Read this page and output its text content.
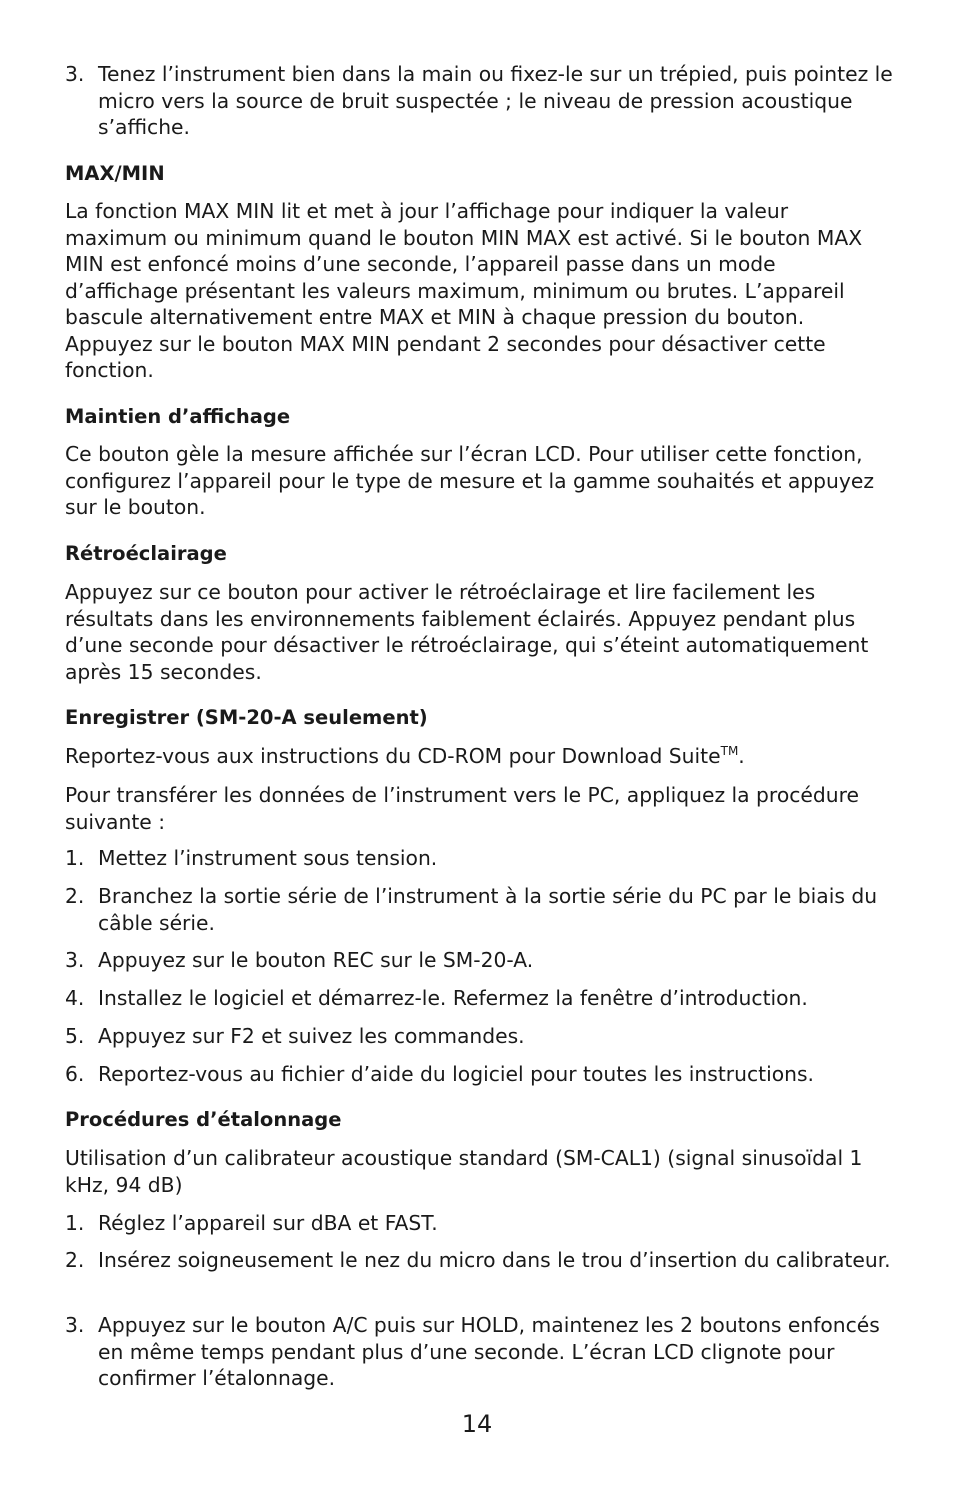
3. Tenez l’instrument bien dans la main ou fixez-le sur un trépied, puis pointez le micro vers la source de bruit suspectée ; le niveau de pression acoustique s’affiche.
MAX/MIN
La fonction MAX MIN lit et met à jour l’affichage pour indiquer la valeur maximum ou minimum quand le bouton MIN MAX est activé. Si le bouton MAX MIN est enfoncé moins d’une seconde, l’appareil passe dans un mode d’affichage présentant les valeurs maximum, minimum ou brutes. L’appareil bascule alternativement entre MAX et MIN à chaque pression du bouton. Appuyez sur le bouton MAX MIN pendant 2 secondes pour désactiver cette fonction.
Maintien d’affichage
Ce bouton gèle la mesure affichée sur l’écran LCD. Pour utiliser cette fonction, configurez l’appareil pour le type de mesure et la gamme souhaités et appuyez sur le bouton.
Rétroéclairage
Appuyez sur ce bouton pour activer le rétroéclairage et lire facilement les résultats dans les environnements faiblement éclairés. Appuyez pendant plus d’une seconde pour désactiver le rétroéclairage, qui s’éteint automatiquement après 15 secondes.
Enregistrer (SM-20-A seulement)
Reportez-vous aux instructions du CD-ROM pour Download Suite™.
Pour transférer les données de l’instrument vers le PC, appliquez la procédure suivante :
1. Mettez l’instrument sous tension.
2. Branchez la sortie série de l’instrument à la sortie série du PC par le biais du câble série.
3. Appuyez sur le bouton REC sur le SM-20-A.
4. Installez le logiciel et démarrez-le. Refermez la fenêtre d’introduction.
5. Appuyez sur F2 et suivez les commandes.
6. Reportez-vous au fichier d’aide du logiciel pour toutes les instructions.
Procédures d’étalonnage
Utilisation d’un calibrateur acoustique standard (SM-CAL1) (signal sinusoïdal 1 kHz, 94 dB)
1. Réglez l’appareil sur dBA et FAST.
2. Insérez soigneusement le nez du micro dans le trou d’insertion du calibrateur.
3. Appuyez sur le bouton A/C puis sur HOLD, maintenez les 2 boutons enfoncés en même temps pendant plus d’une seconde. L’écran LCD clignote pour confirmer l’étalonnage.
14
